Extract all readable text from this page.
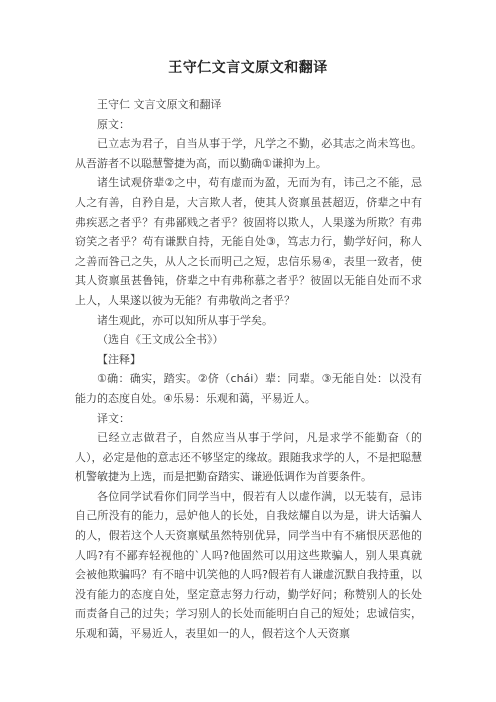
王守仁文言文原文和翻译

王守仁 文言文原文和翻译

原文：

已立志为君子，自当从事于学，凡学之不勤，必其志之尚未笃也。从吾游者不以聪慧警捷为高，而以勤确①谦抑为上。

诸生试观侪辈②之中，苟有虚而为盈，无而为有，讳己之不能，忌人之有善，自矜自是，大言欺人者，使其人资禀虽甚超迈，侪辈之中有弗疾恶之者乎？有弗鄙贱之者乎？彼固将以欺人，人果遂为所欺？有弗窃笑之者乎？苟有谦默自持，无能自处③，笃志力行，勤学好问，称人之善而咎己之失，从人之长而明己之短，忠信乐易④，表里一致者，使其人资禀虽甚鲁钝，侪辈之中有弗称慕之者乎？彼固以无能自处而不求上人，人果遂以彼为无能？有弗敬尚之者乎？

诸生观此，亦可以知所从事于学矣。

（选自《王文成公全书》）

【注释】

①确：确实，踏实。②侪（chái）辈：同辈。③无能自处：以没有能力的态度自处。④乐易：乐观和蔼，平易近人。

译文：

已经立志做君子，自然应当从事于学问，凡是求学不能勤奋（的人），必定是他的意志还不够坚定的缘故。跟随我求学的人，不是把聪慧机警敏捷为上选，而是把勤奋踏实、谦逊低调作为首要条件。

各位同学试看你们同学当中，假若有人以虚作满，以无装有，忌讳自己所没有的能力，忌妒他人的长处，自我炫耀自以为是，讲大话骗人的人，假若这个人天资禀赋虽然特别优异，同学当中有不痛恨厌恶他的人吗?有不鄙弃轻视他的`人吗?他固然可以用这些欺骗人，别人果真就会被他欺骗吗？有不暗中讥笑他的人吗?假若有人谦虚沉默自我持重，以没有能力的态度自处，坚定意志努力行动，勤学好问；称赞别人的长处而责备自己的过失；学习别人的长处而能明白自己的短处；忠诚信实，乐观和蔼，平易近人，表里如一的人，假若这个人天资禀
